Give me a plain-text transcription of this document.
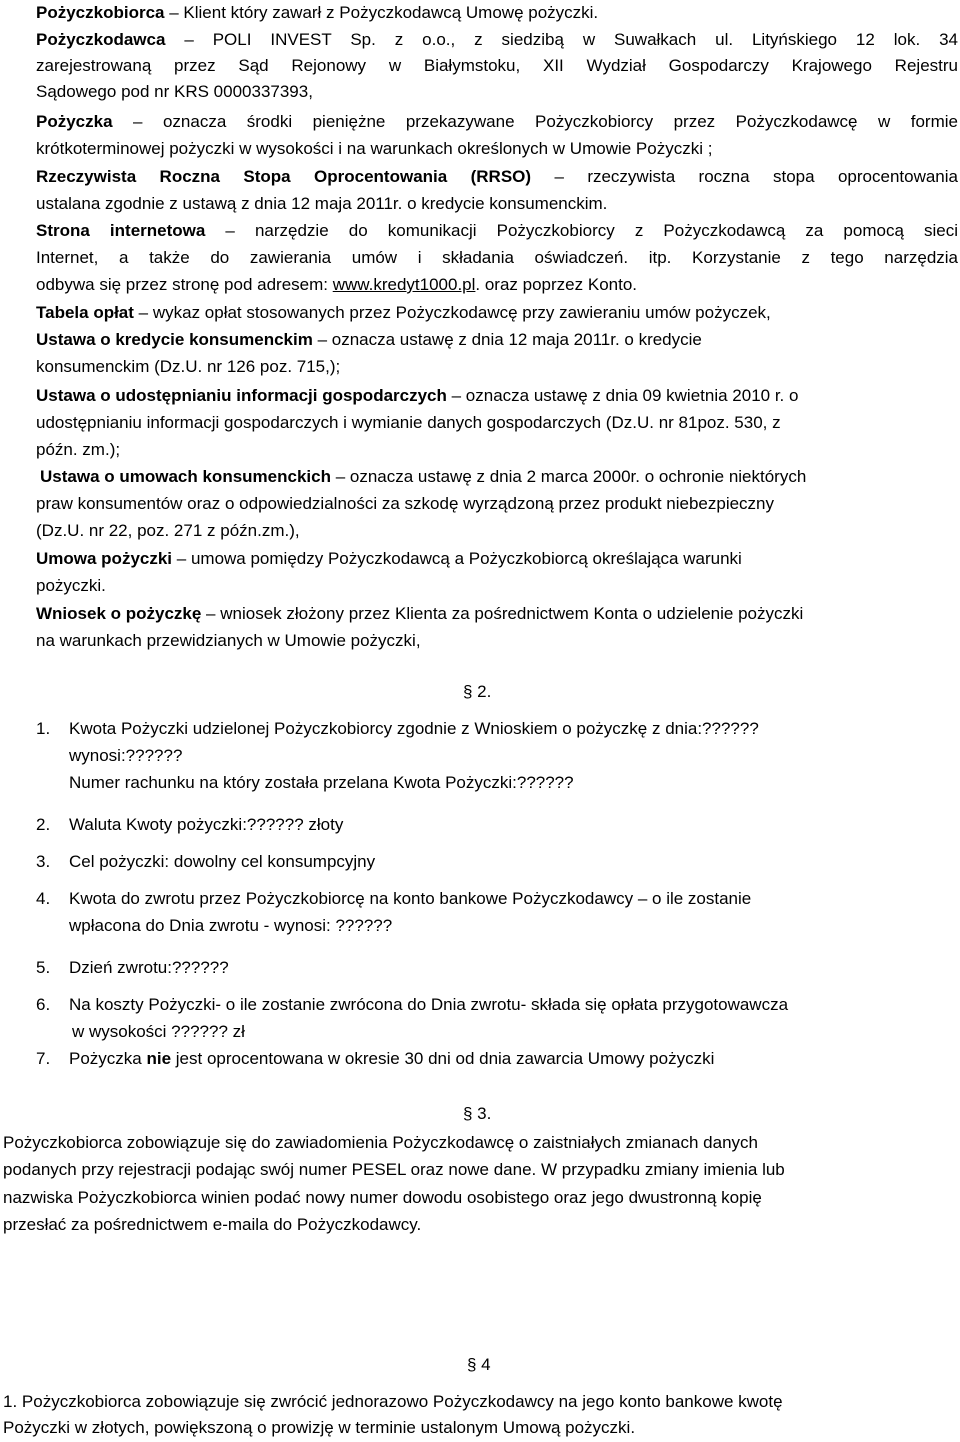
Pożyczkobiorca – Klient który zawarł z Pożyczkodawcą Umowę pożyczki.
Pożyczkodawca – POLI INVEST Sp. z o.o., z siedzibą w Suwałkach ul. Lityńskiego 12 lok. 34
zarejestrowaną przez Sąd Rejonowy w Białymstoku, XII Wydział Gospodarczy Krajowego Rejestru
Sądowego pod nr KRS 0000337393,
Pożyczka – oznacza środki pieniężne przekazywane Pożyczkobiorcy przez Pożyczkodawcę w formie
krótkoterminowej pożyczki w wysokości i na warunkach określonych w Umowie Pożyczki ;
Rzeczywista Roczna Stopa Oprocentowania (RRSO) – rzeczywista roczna stopa oprocentowania
ustalana zgodnie z ustawą z dnia 12 maja 2011r. o kredycie konsumenckim.
Strona internetowa – narzędzie do komunikacji Pożyczkobiorcy z Pożyczkodawcą za pomocą sieci
Internet, a także do zawierania umów i składania oświadczeń. itp. Korzystanie z tego narzędzia
odbywa się przez stronę pod adresem: www.kredyt1000.pl. oraz poprzez Konto.
Tabela opłat – wykaz opłat stosowanych przez Pożyczkodawcę przy zawieraniu umów pożyczek,
Ustawa o kredycie konsumenckim – oznacza ustawę z dnia 12 maja 2011r. o kredycie
konsumenckim (Dz.U. nr 126 poz. 715,);
Ustawa o udostępnianiu informacji gospodarczych – oznacza ustawę z dnia 09 kwietnia 2010 r. o
udostępnianiu informacji gospodarczych i wymianie danych gospodarczych (Dz.U. nr 81poz. 530, z
późn. zm.);
Ustawa o umowach konsumenckich – oznacza ustawę z dnia 2 marca 2000r. o ochronie niektórych
praw konsumentów oraz o odpowiedzialności za szkodę wyrządzoną przez produkt niebezpieczny
(Dz.U. nr 22, poz. 271 z późn.zm.),
Umowa pożyczki – umowa pomiędzy Pożyczkodawcą a Pożyczkobiorcą określająca warunki
pożyczki.
Wniosek o pożyczkę – wniosek złożony przez Klienta za pośrednictwem Konta o udzielenie pożyczki
na warunkach przewidzianych w Umowie pożyczki,
§ 2.
1. Kwota Pożyczki udzielonej Pożyczkobiorcy zgodnie z Wnioskiem o pożyczkę z dnia:??????
wynosi:??????
Numer rachunku na który została przelana Kwota Pożyczki:??????
2. Waluta Kwoty pożyczki:?????? złoty
3. Cel pożyczki: dowolny cel konsumpcyjny
4. Kwota do zwrotu przez Pożyczkobiorcę na konto bankowe Pożyczkodawcy – o ile zostanie
wpłacona do Dnia zwrotu - wynosi: ??????
5. Dzień zwrotu:??????
6. Na koszty Pożyczki- o ile zostanie zwrócona do Dnia zwrotu- składa się opłata przygotowawcza
w wysokości ?????? zł
7. Pożyczka nie jest oprocentowana w okresie 30 dni od dnia zawarcia Umowy pożyczki
§ 3.
Pożyczkobiorca zobowiązuje się do zawiadomienia Pożyczkodawcę o zaistniałych zmianach danych
podanych przy rejestracji podając swój numer PESEL oraz nowe dane. W przypadku zmiany imienia lub
nazwiska Pożyczkobiorca winien podać nowy numer dowodu osobistego oraz jego dwustronną kopię
przesłać za pośrednictwem e-maila do Pożyczkodawcy.
§ 4
1. Pożyczkobiorca zobowiązuje się zwrócić jednorazowo Pożyczkodawcy na jego konto bankowe kwotę
Pożyczki w złotych, powiększoną o prowizję w terminie ustalonym Umową pożyczki.
